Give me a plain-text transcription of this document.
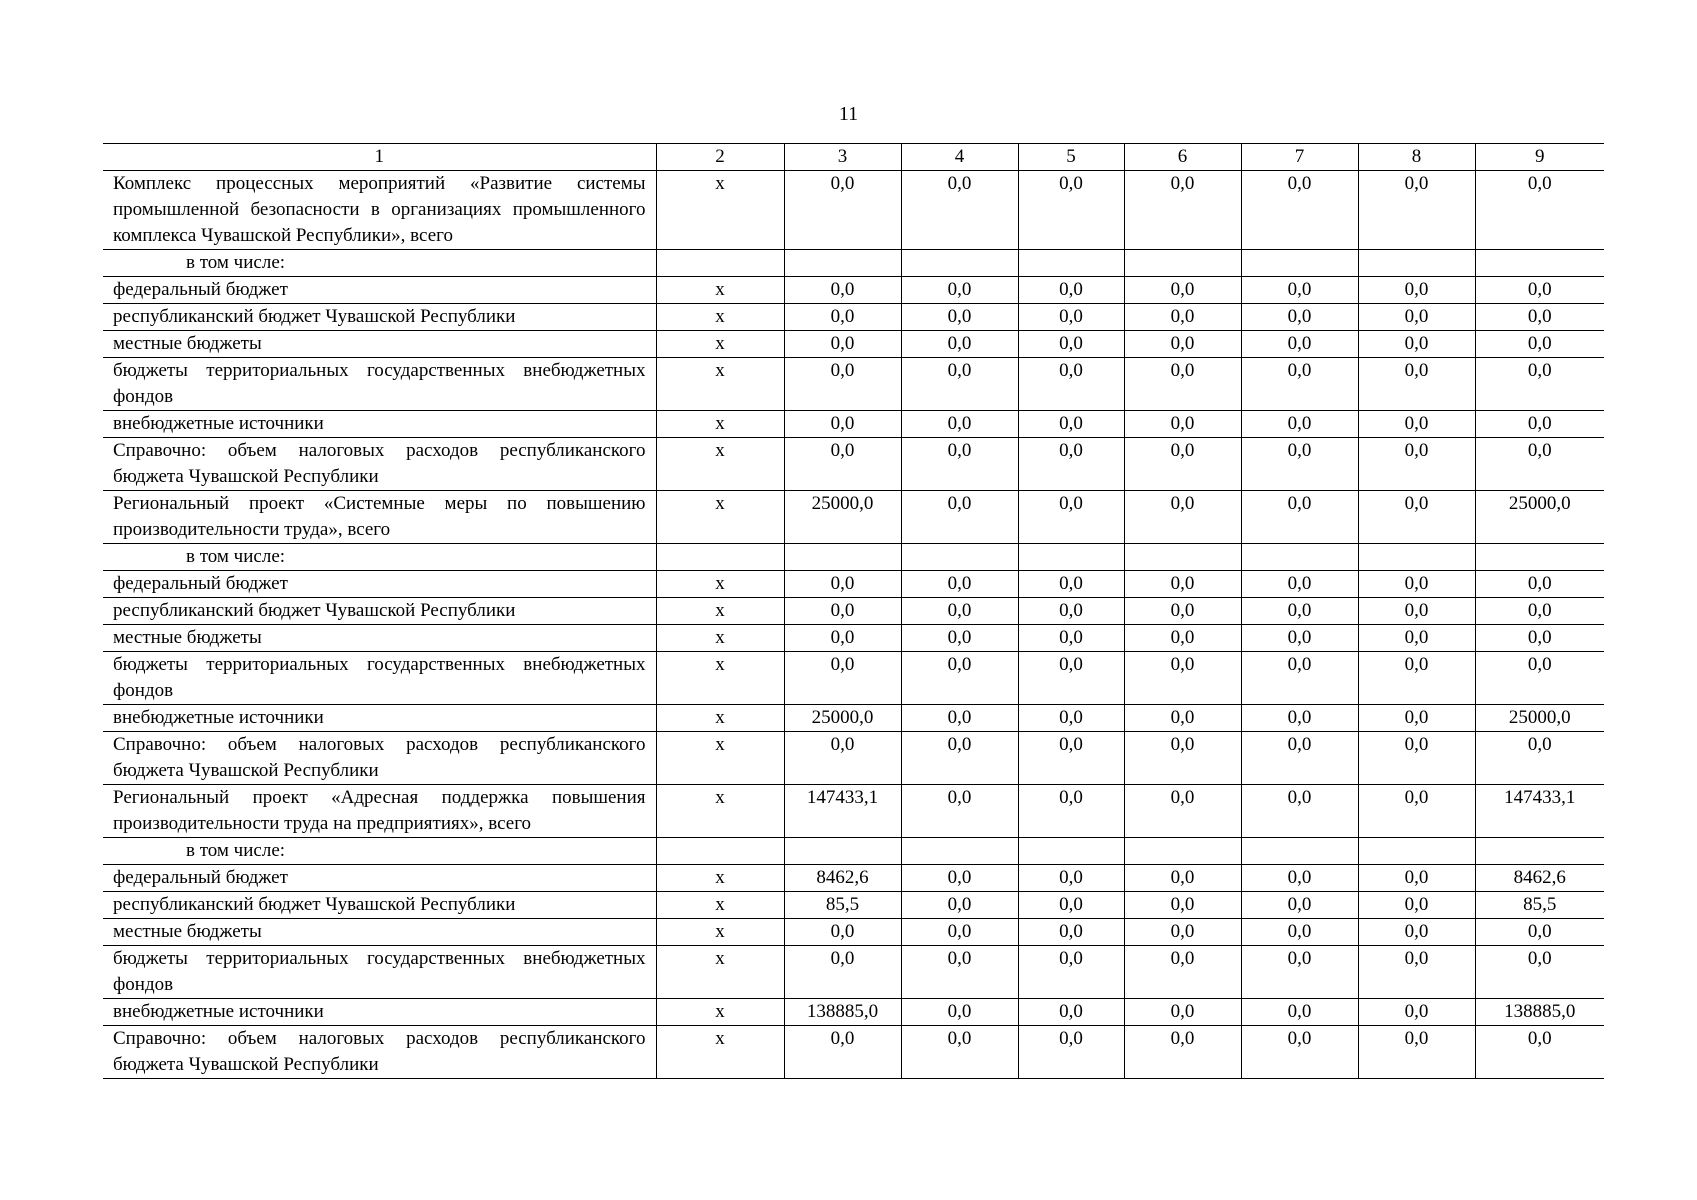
11
1	2	3	4	5	6	7	8	9
Комплекс процессных мероприятий «Развитие системы промышленной безопасности в организациях промышленного комплекса Чувашской Республики», всего	x	0,0	0,0	0,0	0,0	0,0	0,0	0,0
в том числе:								
федеральный бюджет	x	0,0	0,0	0,0	0,0	0,0	0,0	0,0
республиканский бюджет Чувашской Республики	x	0,0	0,0	0,0	0,0	0,0	0,0	0,0
местные бюджеты	x	0,0	0,0	0,0	0,0	0,0	0,0	0,0
бюджеты территориальных государственных внебюджетных фондов	x	0,0	0,0	0,0	0,0	0,0	0,0	0,0
внебюджетные источники	x	0,0	0,0	0,0	0,0	0,0	0,0	0,0
Справочно: объем налоговых расходов республиканского бюджета Чувашской Республики	x	0,0	0,0	0,0	0,0	0,0	0,0	0,0
Региональный проект «Системные меры по повышению производительности труда», всего	x	25000,0	0,0	0,0	0,0	0,0	0,0	25000,0
в том числе:								
федеральный бюджет	x	0,0	0,0	0,0	0,0	0,0	0,0	0,0
республиканский бюджет Чувашской Республики	x	0,0	0,0	0,0	0,0	0,0	0,0	0,0
местные бюджеты	x	0,0	0,0	0,0	0,0	0,0	0,0	0,0
бюджеты территориальных государственных внебюджетных фондов	x	0,0	0,0	0,0	0,0	0,0	0,0	0,0
внебюджетные источники	x	25000,0	0,0	0,0	0,0	0,0	0,0	25000,0
Справочно: объем налоговых расходов республиканского бюджета Чувашской Республики	x	0,0	0,0	0,0	0,0	0,0	0,0	0,0
Региональный проект «Адресная поддержка повышения производительности труда на предприятиях», всего	x	147433,1	0,0	0,0	0,0	0,0	0,0	147433,1
в том числе:								
федеральный бюджет	x	8462,6	0,0	0,0	0,0	0,0	0,0	8462,6
республиканский бюджет Чувашской Республики	x	85,5	0,0	0,0	0,0	0,0	0,0	85,5
местные бюджеты	x	0,0	0,0	0,0	0,0	0,0	0,0	0,0
бюджеты территориальных государственных внебюджетных фондов	x	0,0	0,0	0,0	0,0	0,0	0,0	0,0
внебюджетные источники	x	138885,0	0,0	0,0	0,0	0,0	0,0	138885,0
Справочно: объем налоговых расходов республиканского бюджета Чувашской Республики	x	0,0	0,0	0,0	0,0	0,0	0,0	0,0
